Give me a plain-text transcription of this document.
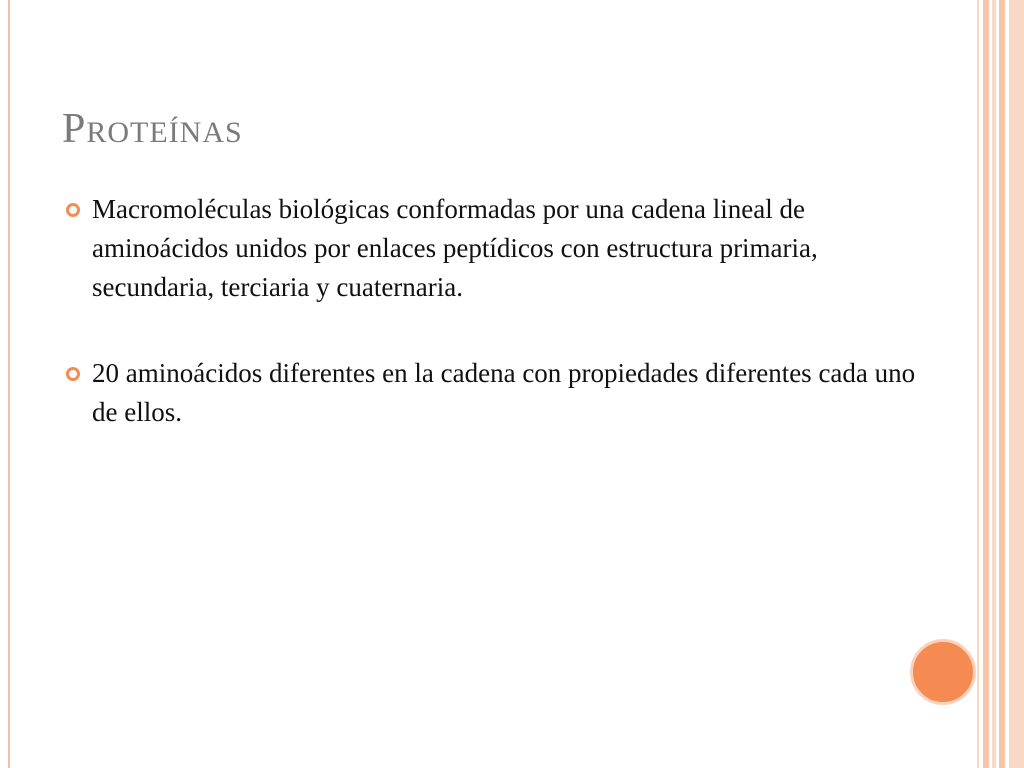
PROTEÍNAS
Macromoléculas biológicas conformadas por una cadena lineal de aminoácidos unidos por enlaces peptídicos con estructura primaria, secundaria, terciaria y cuaternaria.
20 aminoácidos diferentes en la cadena con propiedades diferentes cada uno de ellos.
